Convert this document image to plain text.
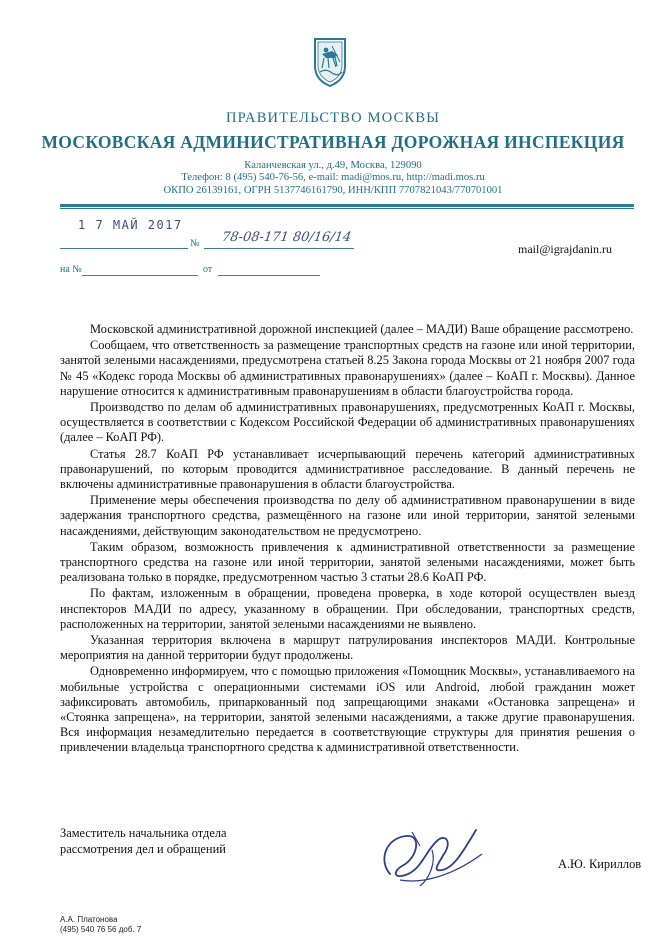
ПРАВИТЕЛЬСТВО МОСКВЫ
МОСКОВСКАЯ АДМИНИСТРАТИВНАЯ ДОРОЖНАЯ ИНСПЕКЦИЯ
Каланчевская ул., д.49, Москва, 129090
Телефон: 8 (495) 540-76-56, e-mail: madi@mos.ru, http://madi.mos.ru
ОКПО 26139161, ОГРН 5137746161790, ИНН/КПП 7707821043/770701001
1 7 МАЙ 2017
№ 78-08-171 80/16/14
на №	от
mail@igrajdanin.ru

Московской административной дорожной инспекцией (далее – МАДИ) Ваше обращение рассмотрено.

Сообщаем, что ответственность за размещение транспортных средств на газоне или иной территории, занятой зелеными насаждениями, предусмотрена статьей 8.25 Закона города Москвы от 21 ноября 2007 года № 45 «Кодекс города Москвы об административных правонарушениях» (далее – КоАП г. Москвы). Данное нарушение относится к административным правонарушениям в области благоустройства города.

Производство по делам об административных правонарушениях, предусмотренных КоАП г. Москвы, осуществляется в соответствии с Кодексом Российской Федерации об административных правонарушениях (далее – КоАП РФ).

Статья 28.7 КоАП РФ устанавливает исчерпывающий перечень категорий административных правонарушений, по которым проводится административное расследование. В данный перечень не включены административные правонарушения в области благоустройства.

Применение меры обеспечения производства по делу об административном правонарушении в виде задержания транспортного средства, размещённого на газоне или иной территории, занятой зелеными насаждениями, действующим законодательством не предусмотрено.

Таким образом, возможность привлечения к административной ответственности за размещение транспортного средства на газоне или иной территории, занятой зелеными насаждениями, может быть реализована только в порядке, предусмотренном частью 3 статьи 28.6 КоАП РФ.

По фактам, изложенным в обращении, проведена проверка, в ходе которой осуществлен выезд инспекторов МАДИ по адресу, указанному в обращении. При обследовании, транспортных средств, расположенных на территории, занятой зелеными насаждениями не выявлено.

Указанная территория включена в маршрут патрулирования инспекторов МАДИ. Контрольные мероприятия на данной территории будут продолжены.

Одновременно информируем, что с помощью приложения «Помощник Москвы», устанавливаемого на мобильные устройства с операционными системами iOS или Android, любой гражданин может зафиксировать автомобиль, припаркованный под запрещающими знаками «Остановка запрещена» и «Стоянка запрещена», на территории, занятой зелеными насаждениями, а также другие правонарушения. Вся информация незамедлительно передается в соответствующие структуры для принятия решения о привлечении владельца транспортного средства к административной ответственности.

Заместитель начальника отдела
рассмотрения дел и обращений
А.Ю. Кириллов
А.А. Платонова
(495) 540 76 56 доб. 7
